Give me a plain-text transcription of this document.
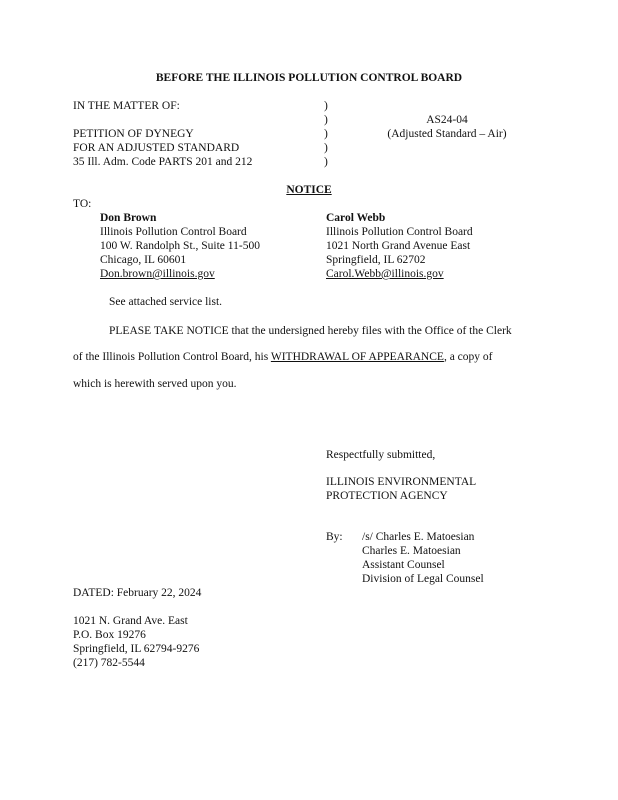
BEFORE THE ILLINOIS POLLUTION CONTROL BOARD
IN THE MATTER OF:
PETITION OF DYNEGY
FOR AN ADJUSTED STANDARD
35 Ill. Adm. Code PARTS 201 and 212
)
)
)
)
)
AS24-04
(Adjusted Standard – Air)
NOTICE
TO:
Don Brown
Illinois Pollution Control Board
100 W. Randolph St., Suite 11-500
Chicago, IL 60601
Don.brown@illinois.gov
Carol Webb
Illinois Pollution Control Board
1021 North Grand Avenue East
Springfield, IL 62702
Carol.Webb@illinois.gov
See attached service list.
PLEASE TAKE NOTICE that the undersigned hereby files with the Office of the Clerk
of the Illinois Pollution Control Board, his WITHDRAWAL OF APPEARANCE, a copy of
which is herewith served upon you.
Respectfully submitted,
ILLINOIS ENVIRONMENTAL
PROTECTION AGENCY
By: /s/ Charles E. Matoesian
Charles E. Matoesian
Assistant Counsel
Division of Legal Counsel
DATED: February 22, 2024
1021 N. Grand Ave. East
P.O. Box 19276
Springfield, IL 62794-9276
(217) 782-5544
